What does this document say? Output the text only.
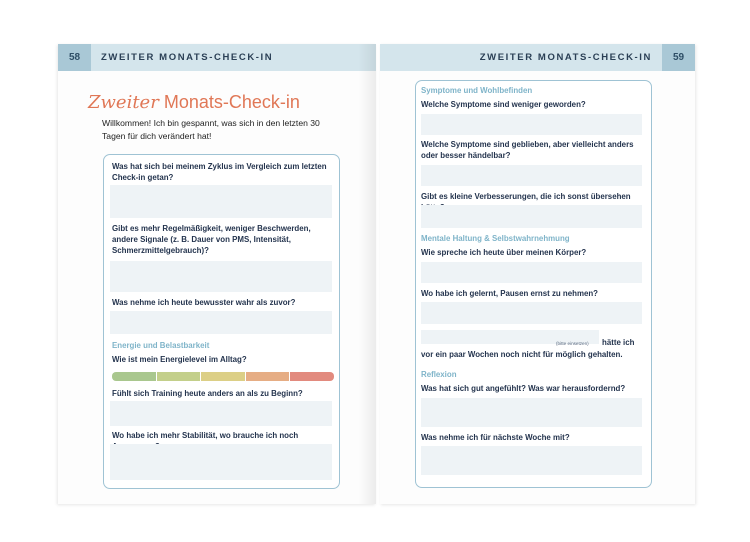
58	ZWEITER MONATS-CHECK-IN
Zweiter Monats-Check-in
Willkommen! Ich bin gespannt, was sich in den letzten 30 Tagen für dich verändert hat!
Was hat sich bei meinem Zyklus im Vergleich zum letzten Check-in getan?
Gibt es mehr Regelmäßigkeit, weniger Beschwerden, andere Signale (z. B. Dauer von PMS, Intensität, Schmerzmittelgebrauch)?
Was nehme ich heute bewusster wahr als zuvor?
Energie und Belastbarkeit
Wie ist mein Energielevel im Alltag?
Fühlt sich Training heute anders an als zu Beginn?
Wo habe ich mehr Stabilität, wo brauche ich noch
59
ZWEITER MONATS-CHECK-IN
Symptome und Wohlbefinden
Welche Symptome sind weniger geworden?
Welche Symptome sind geblieben, aber vielleicht anders oder besser händelbar?
Gibt es kleine Verbesserungen, die ich sonst übersehen
Mentale Haltung & Selbstwahrnehmung
Wie spreche ich heute über meinen Körper?
Wo habe ich gelernt, Pausen ernst zu nehmen?
(bitte einsetzen) hätte ich
vor ein paar Wochen noch nicht für möglich gehalten.
Reflexion
Was hat sich gut angefühlt? Was war herausfordernd?
Was nehme ich für nächste Woche mit?
